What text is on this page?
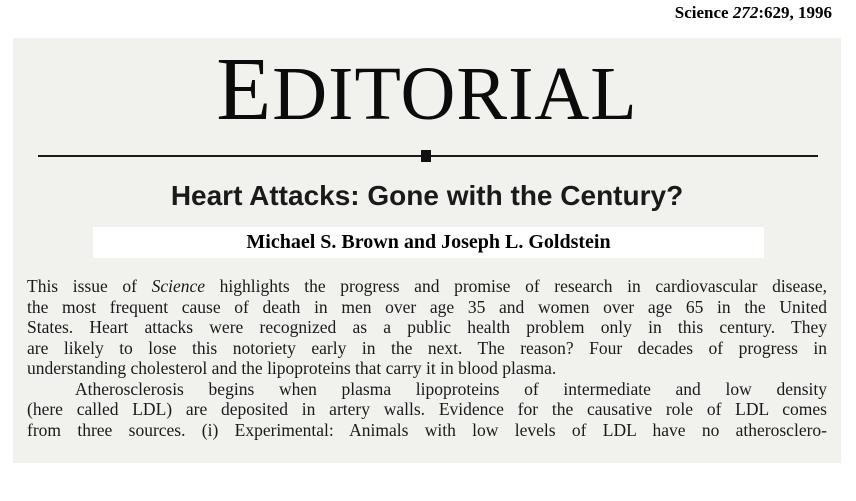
Science 272:629, 1996
EDITORIAL
Heart Attacks: Gone with the Century?
Michael S. Brown and Joseph L. Goldstein
This issue of Science highlights the progress and promise of research in cardiovascular disease,
the most frequent cause of death in men over age 35 and women over age 65 in the United
States. Heart attacks were recognized as a public health problem only in this century. They
are likely to lose this notoriety early in the next. The reason? Four decades of progress in
understanding cholesterol and the lipoproteins that carry it in blood plasma.
Atherosclerosis begins when plasma lipoproteins of intermediate and low density
(here called LDL) are deposited in artery walls. Evidence for the causative role of LDL comes
from three sources. (i) Experimental: Animals with low levels of LDL have no atherosclero-
